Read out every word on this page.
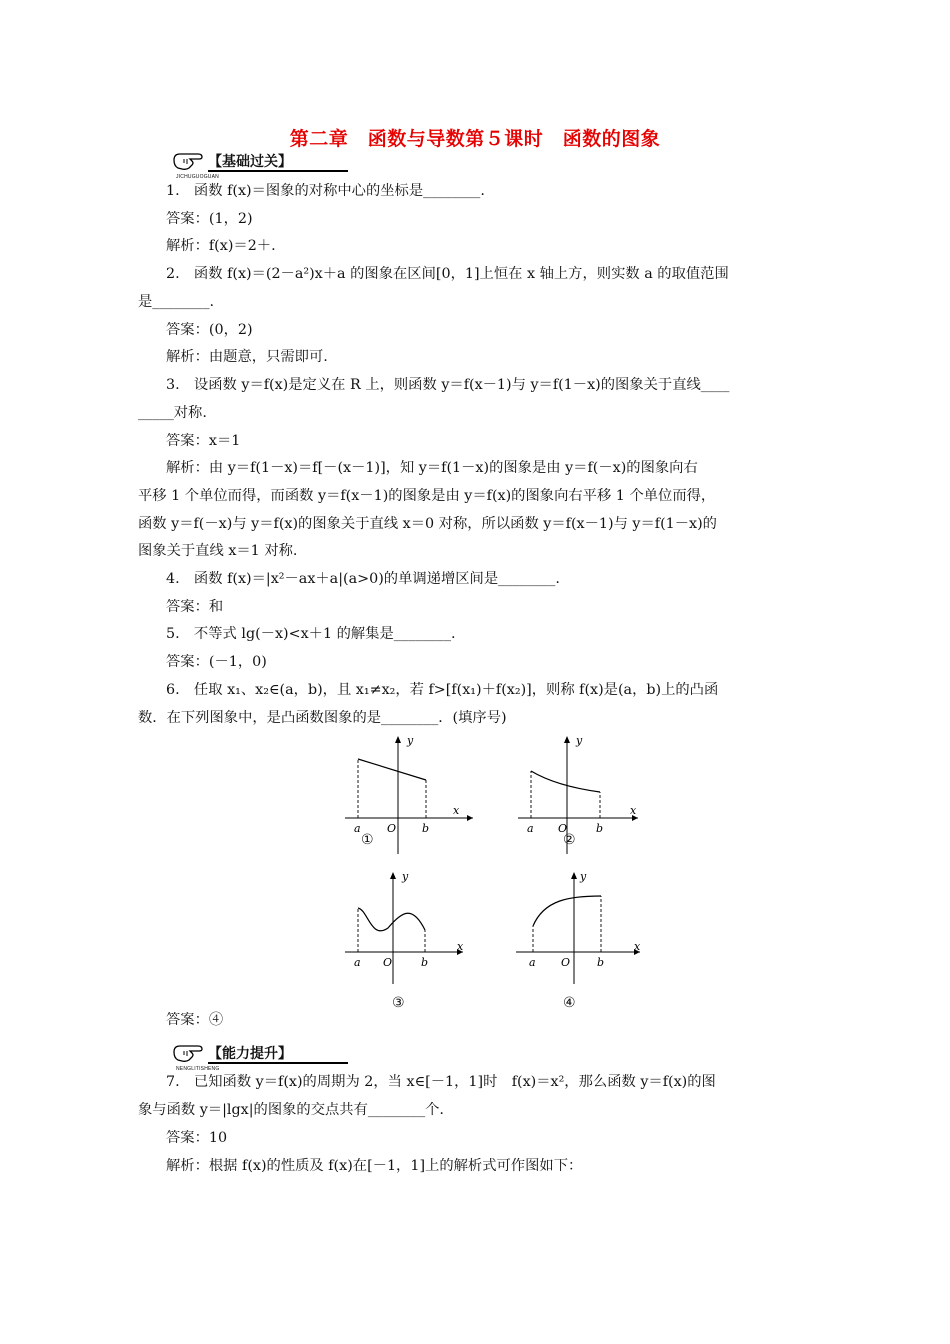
第二章　函数与导数第５课时　函数的图象
【基础过关】
JICHUGUOGUAN
1.　函数 f(x)＝图象的对称中心的坐标是________.
答案：(1，2)
解析：f(x)＝2＋.
2.　函数 f(x)＝(2－a²)x＋a 的图象在区间[0，1]上恒在 x 轴上方，则实数 a 的取值范围
是________.
答案：(0，2)
解析：由题意，只需即可.
3.　设函数 y＝f(x)是定义在 R 上，则函数 y＝f(x－1)与 y＝f(1－x)的图象关于直线____
_____对称.
答案：x＝1
解析：由 y＝f(1－x)＝f[－(x－1)]，知 y＝f(1－x)的图象是由 y＝f(－x)的图象向右
平移 1 个单位而得，而函数 y＝f(x－1)的图象是由 y＝f(x)的图象向右平移 1 个单位而得，
函数 y＝f(－x)与 y＝f(x)的图象关于直线 x＝0 对称，所以函数 y＝f(x－1)与 y＝f(1－x)的
图象关于直线 x＝1 对称.
4.　函数 f(x)＝|x²－ax＋a|(a>0)的单调递增区间是________.
答案：和
5.　不等式 lg(－x)<x＋1 的解集是________.
答案：(－1，0)
6.　任取 x₁、x₂∈(a，b)，且 x₁≠x₂，若 f>[f(x₁)＋f(x₂)]，则称 f(x)是(a，b)上的凸函
数．在下列图象中，是凸函数图象的是________．(填序号)
y
x
a O b
①
y
x
a O	b
②
y
x
a O	b
③
y
x
a O b
④
答案：④
【能力提升】
NENGLITISHENG
7.　已知函数 y＝f(x)的周期为 2，当 x∈[－1，1]时　f(x)＝x²，那么函数 y＝f(x)的图
象与函数 y＝|lgx|的图象的交点共有________个.
答案：10
解析：根据 f(x)的性质及 f(x)在[－1，1]上的解析式可作图如下：
